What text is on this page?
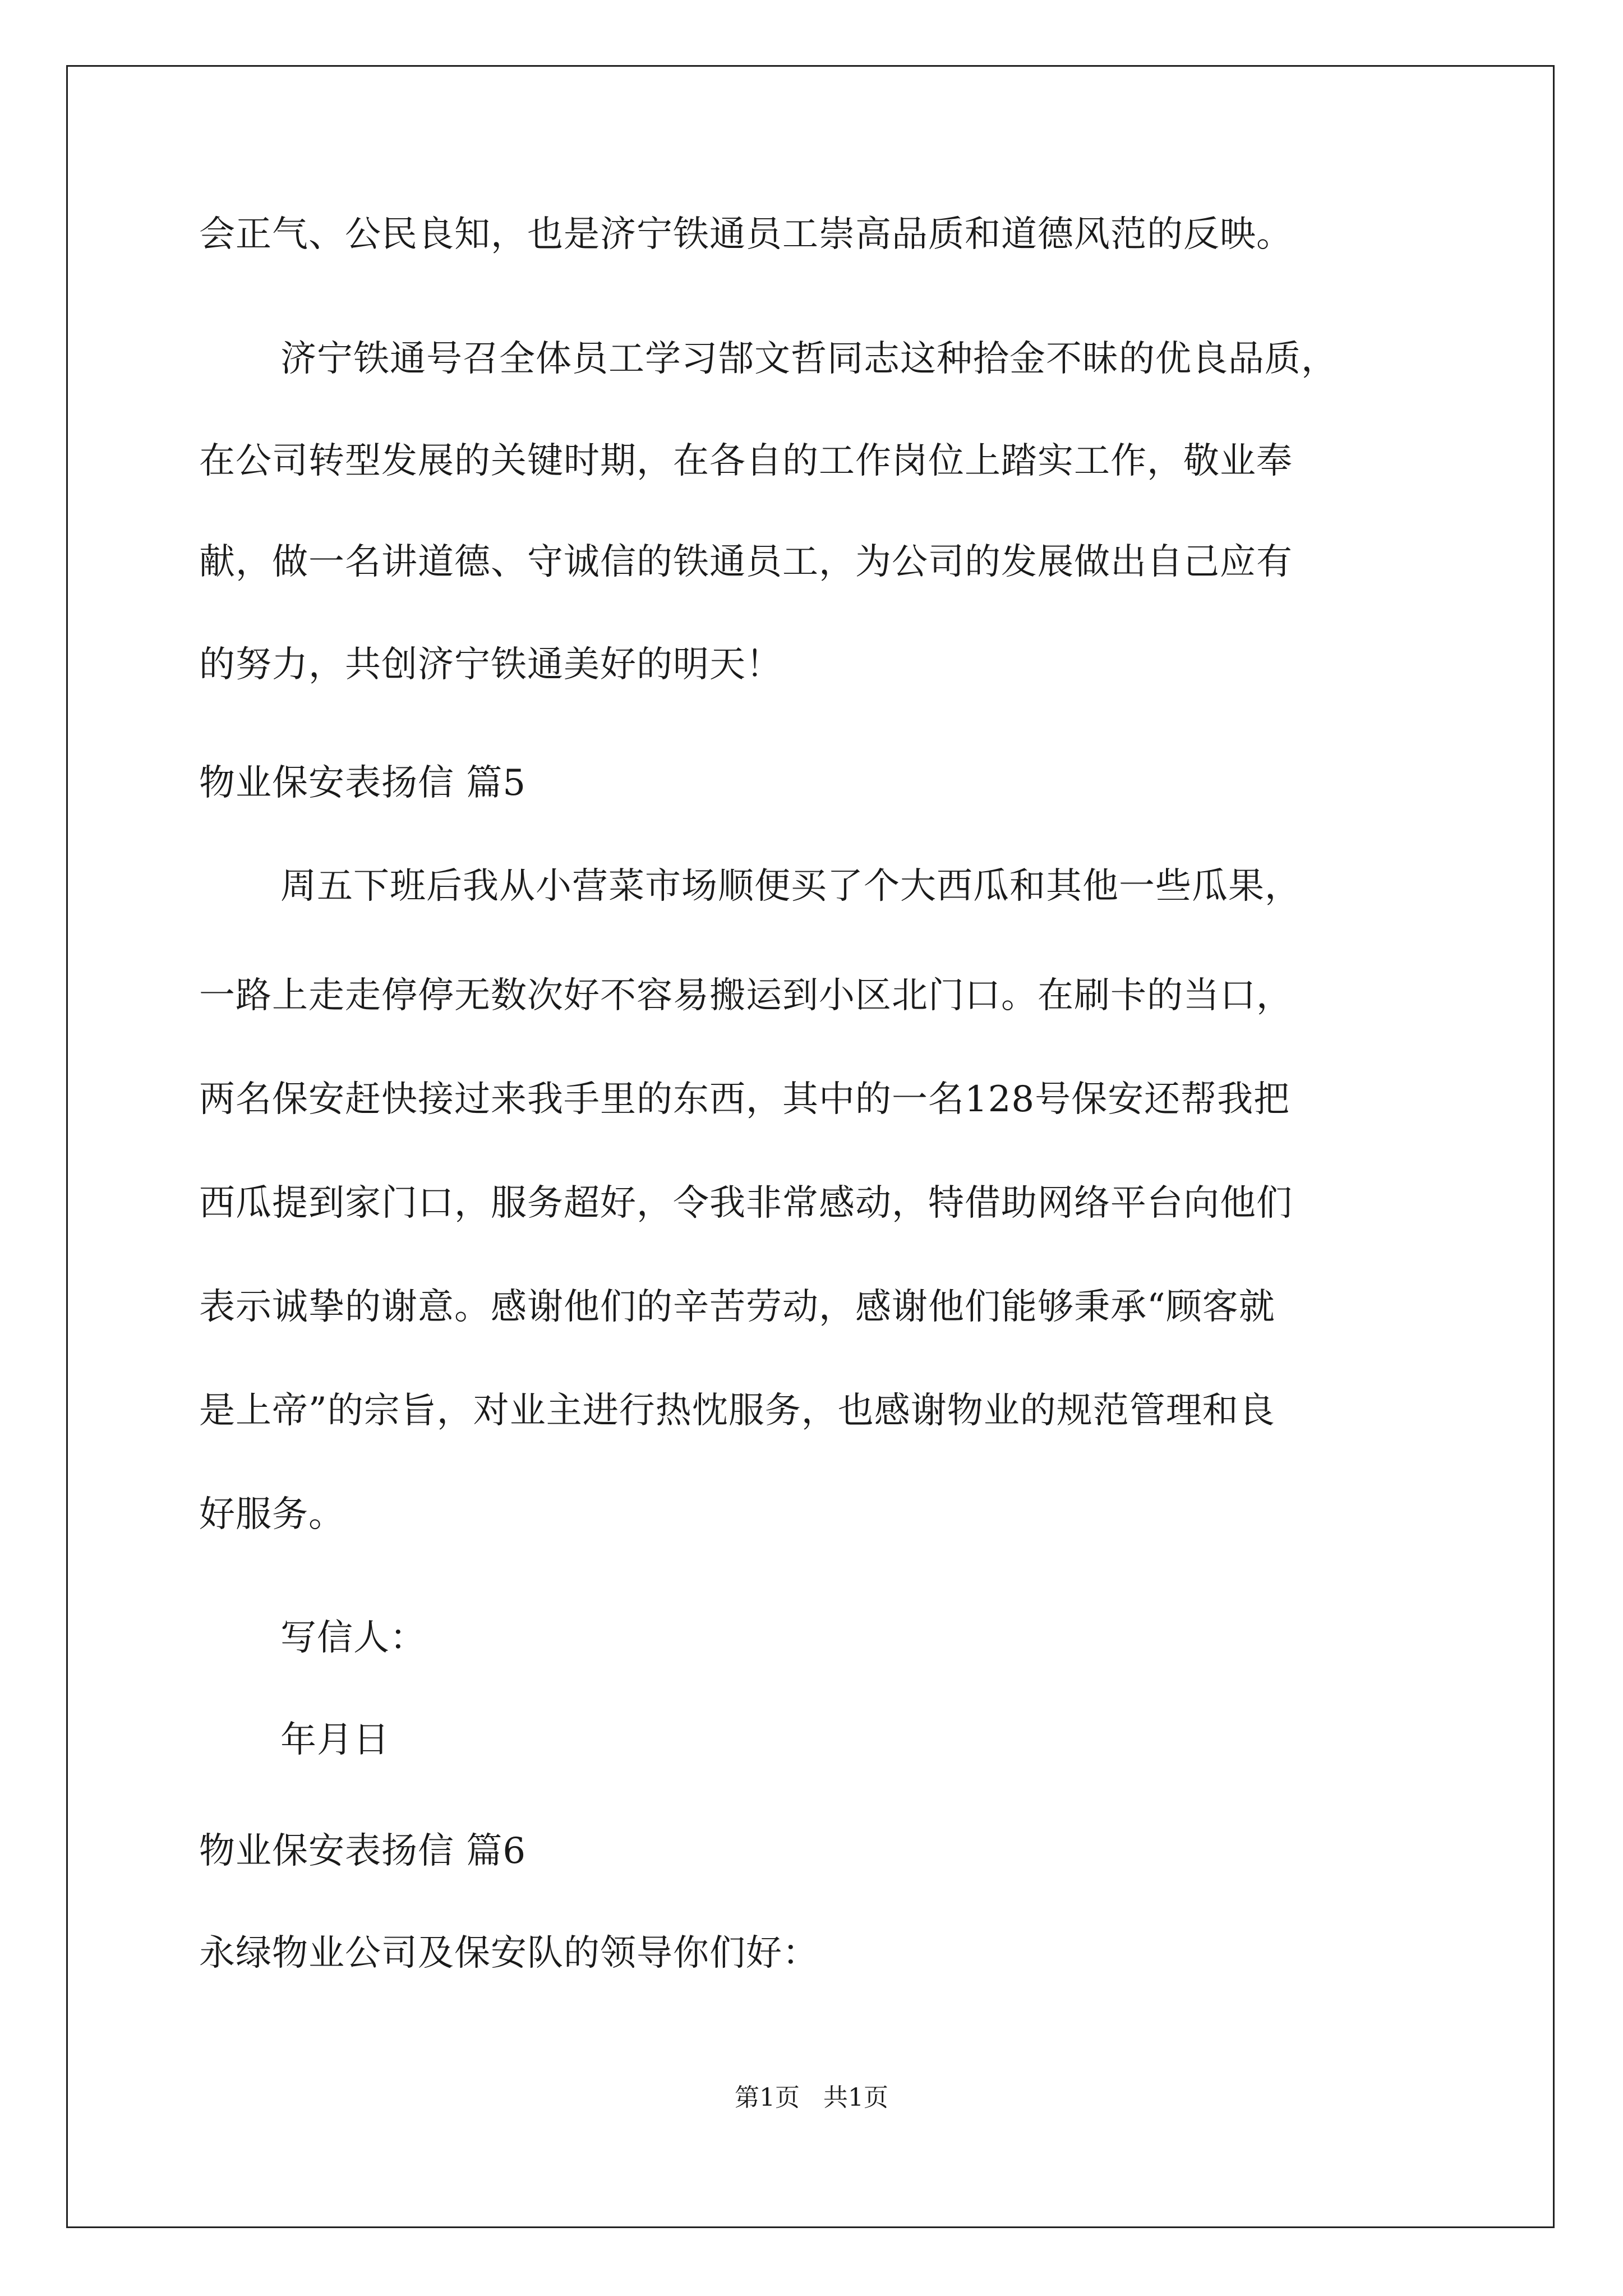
会正气、公民良知，也是济宁铁通员工崇高品质和道德风范的反映。
济宁铁通号召全体员工学习郜文哲同志这种拾金不昧的优良品质，
在公司转型发展的关键时期，在各自的工作岗位上踏实工作，敬业奉
献，做一名讲道德、守诚信的铁通员工，为公司的发展做出自己应有
的努力，共创济宁铁通美好的明天！
物业保安表扬信 篇5
周五下班后我从小营菜市场顺便买了个大西瓜和其他一些瓜果，
一路上走走停停无数次好不容易搬运到小区北门口。在刷卡的当口，
两名保安赶快接过来我手里的东西，其中的一名128号保安还帮我把
西瓜提到家门口，服务超好，令我非常感动，特借助网络平台向他们
表示诚挚的谢意。感谢他们的辛苦劳动，感谢他们能够秉承“顾客就
是上帝”的宗旨，对业主进行热忱服务，也感谢物业的规范管理和良
好服务。
写信人：
年月日
物业保安表扬信 篇6
永绿物业公司及保安队的领导你们好：
第1页   共1页
